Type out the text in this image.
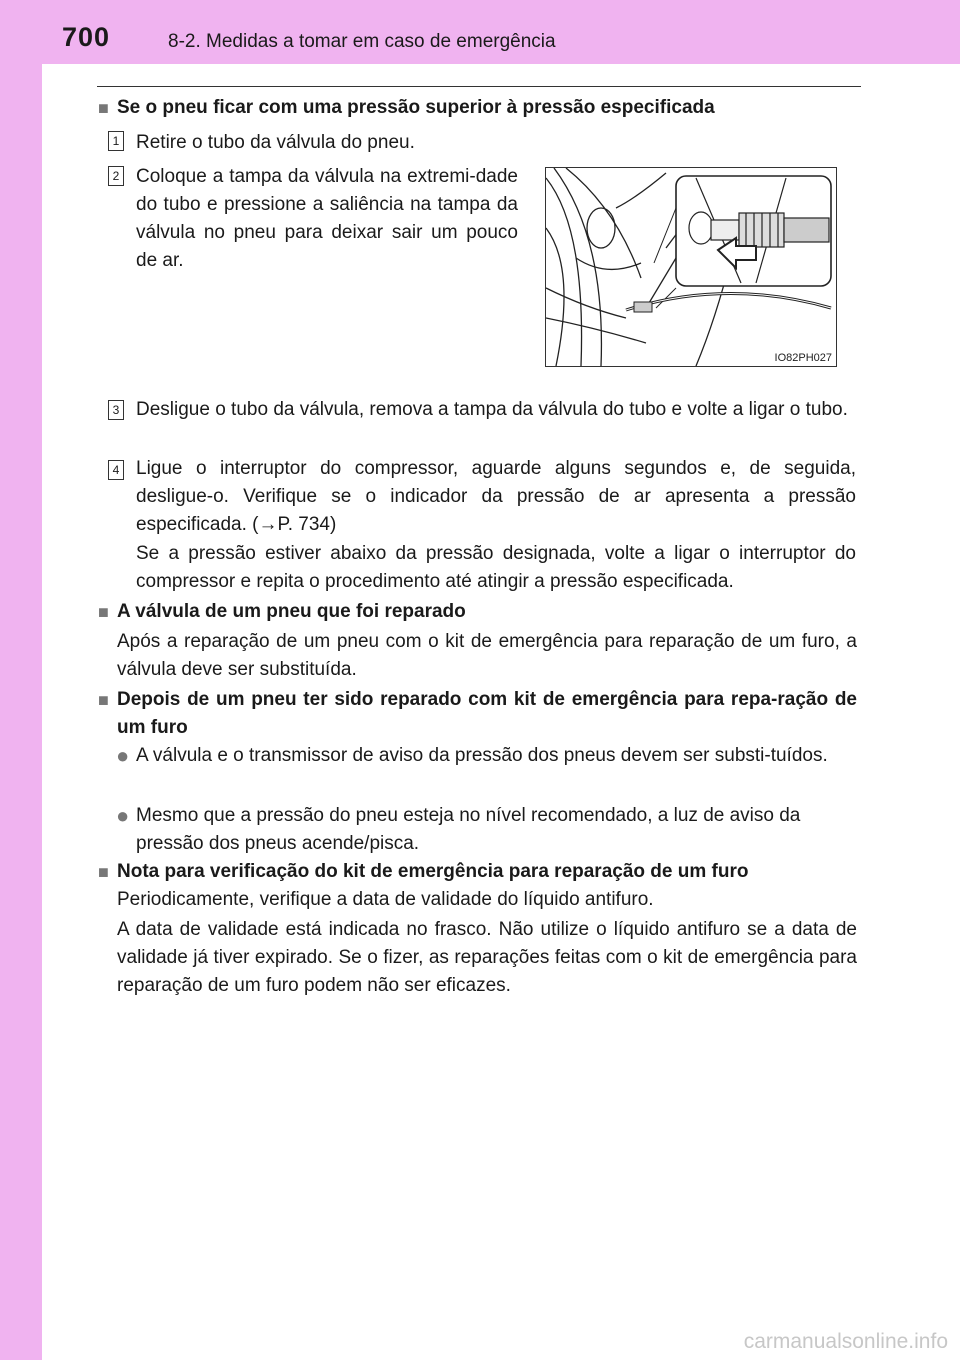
700	8-2. Medidas a tomar em caso de emergência
■ Se o pneu ficar com uma pressão superior à pressão especificada
1 Retire o tubo da válvula do pneu.
2 Coloque a tampa da válvula na extremi-dade do tubo e pressione a saliência na tampa da válvula no pneu para deixar sair um pouco de ar.
IO82PH027
3 Desligue o tubo da válvula, remova a tampa da válvula do tubo e volte a ligar o tubo.
4 Ligue o interruptor do compressor, aguarde alguns segundos e, de seguida, desligue-o. Verifique se o indicador da pressão de ar apresenta a pressão especificada. (→P. 734)
Se a pressão estiver abaixo da pressão designada, volte a ligar o interruptor do compressor e repita o procedimento até atingir a pressão especificada.
■ A válvula de um pneu que foi reparado
Após a reparação de um pneu com o kit de emergência para reparação de um furo, a válvula deve ser substituída.
■ Depois de um pneu ter sido reparado com kit de emergência para repa-ração de um furo
● A válvula e o transmissor de aviso da pressão dos pneus devem ser substi-tuídos.
● Mesmo que a pressão do pneu esteja no nível recomendado, a luz de aviso da pressão dos pneus acende/pisca.
■ Nota para verificação do kit de emergência para reparação de um furo
Periodicamente, verifique a data de validade do líquido antifuro.
A data de validade está indicada no frasco. Não utilize o líquido antifuro se a data de validade já tiver expirado. Se o fizer, as reparações feitas com o kit de emergência para reparação de um furo podem não ser eficazes.
carmanualsonline.info
